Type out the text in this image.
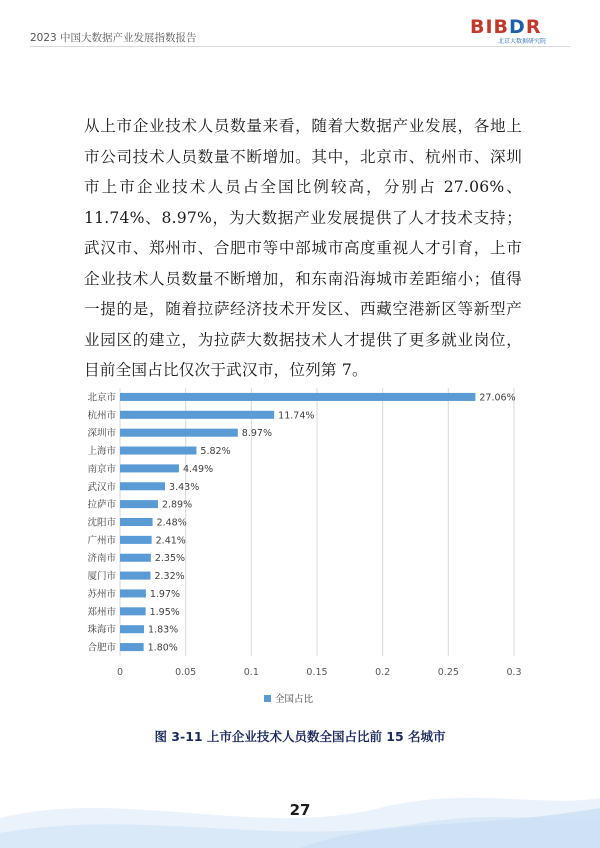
2023 中国大数据产业发展指数报告	BIBDR
北京大数据研究院
从上市企业技术人员数量来看，随着大数据产业发展，各地上市公司技术人员数量不断增加。其中，北京市、杭州市、深圳市上市企业技术人员占全国比例较高，分别占 27.06%、11.74%、8.97%，为大数据产业发展提供了人才技术支持；武汉市、郑州市、合肥市等中部城市高度重视人才引育，上市企业技术人员数量不断增加，和东南沿海城市差距缩小；值得一提的是，随着拉萨经济技术开发区、西藏空港新区等新型产业园区的建立，为拉萨大数据技术人才提供了更多就业岗位，目前全国占比仅次于武汉市，位列第 7。
0	0.05	0.1	0.15	0.2	0.25	0.3
北京市	27.06%
杭州市	11.74%
深圳市	8.97%
上海市	5.82%
南京市	4.49%
武汉市	3.43%
拉萨市	2.89%
沈阳市	2.48%
广州市	2.41%
济南市	2.35%
厦门市	2.32%
苏州市	1.97%
郑州市	1.95%
珠海市	1.83%
合肥市	1.80%
全国占比
图 3-11 上市企业技术人员数全国占比前 15 名城市
27
